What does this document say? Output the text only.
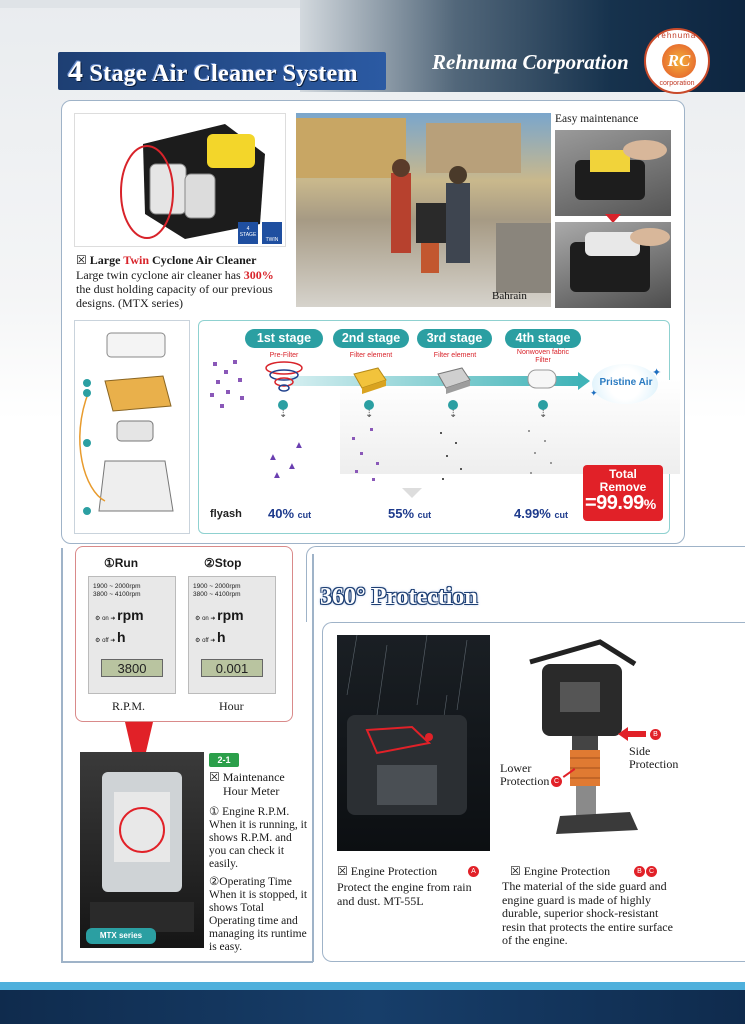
4 Stage Air Cleaner System	Rehnuma Corporation
rehnuma
RC
corporation
4 STAGE
TWIN
☒ Large Twin Cyclone Air Cleaner
Large twin cyclone air cleaner has 300% the dust holding capacity of our previous designs. (MTX series)	Bahrain
Easy maintenance
1st stage	2nd stage	3rd stage	4th stage
Pre-Filter	Filter element	Filter element	Nonwoven fabric Filter
Pristine Air
✦
✦
⇣	⇣	⇣	⇣
▲
▲
▲
▲
flyash 40% cut	55% cut	4.99% cut
Total
Remove
=99.99%
①Run	②Stop
1900 ~ 2000rpm
3800 ~ 4100rpm
⚙ on ➜ rpm
⚙ off ➜ h
3800
1900 ~ 2000rpm
3800 ~ 4100rpm
⚙ on ➜ rpm
⚙ off ➜ h
0.001
R.P.M.	Hour
MTX series
2-1
☒ Maintenance
Hour Meter
① Engine R.P.M.
When it is running, it shows R.P.M. and you can check it easily.
②Operating Time
When it is stopped, it shows Total Operating time and managing its runtime is easy.
360° Protection
B
Side Protection
Lower Protection C
☒ Engine Protection	A
Protect the engine from rain and dust. MT-55L
☒ Engine Protection	B	C
The material of the side guard and engine guard is made of highly durable, superior shock-resistant resin that protects the entire surface of the engine.
